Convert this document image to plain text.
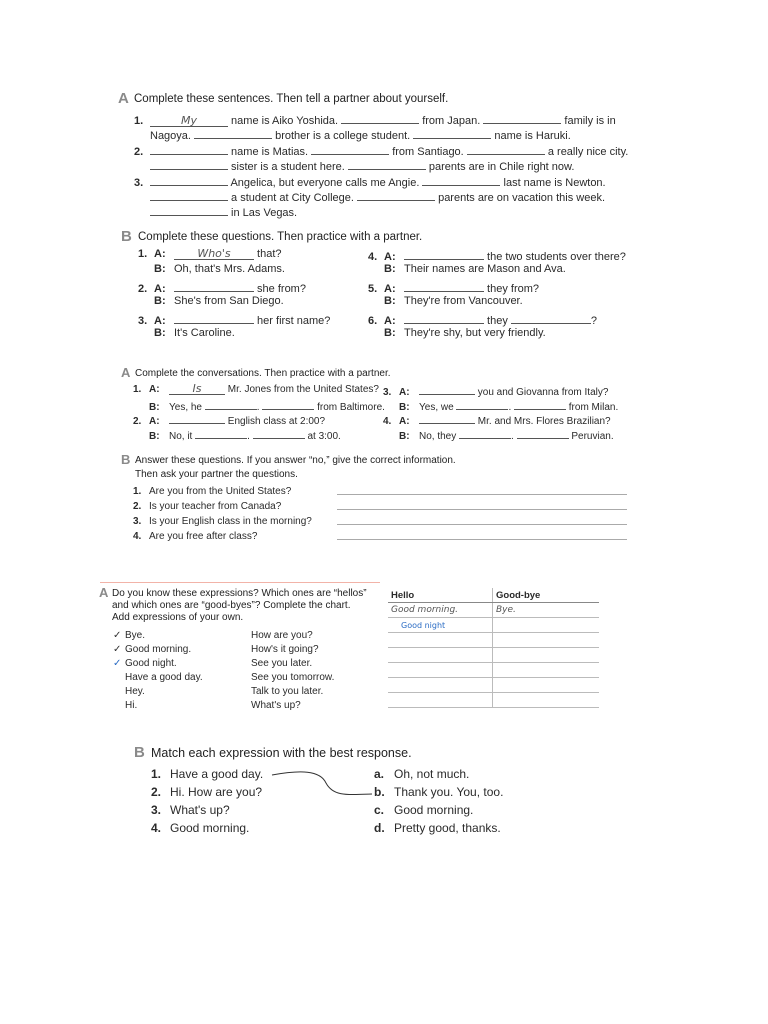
A Complete these sentences. Then tell a partner about yourself.
B Complete these questions. Then practice with a partner.
A Complete the conversations. Then practice with a partner.
B Answer these questions. If you answer “no,” give the correct information.
Then ask your partner the questions.
A Do you know these expressions? Which ones are “hellos”
and which ones are “good-byes”? Complete the chart.
Add expressions of your own.
Hello	Good-bye
Good morning.	Bye.
Good night	

B Match each expression with the best response.
1.	My	name is Aiko Yoshida.	from Japan.	family is in
Nagoya.	brother is a college student.	name is Haruki.
2.	name is Matias.	from Santiago.	a really nice city.
sister is a student here.	parents are in Chile right now.
3.	Angelica, but everyone calls me Angie.	last name is Newton.
a student at City College.	parents are on vacation this week.
in Las Vegas.
1. A:	Who's that?
B: Oh, that's Mrs. Adams.
2. A:	she from?
B: She's from San Diego.
3. A:	her first name?
B: It's Caroline.
4. A:	the two students over there?
B: Their names are Mason and Ava.
5. A:	they from?
B: They're from Vancouver.
6. A:	they	?
B: They're shy, but very friendly.
1. A:	Is Mr. Jones from the United States?
B: Yes, he	.	from Baltimore.
2. A:	English class at 2:00?
B: No, it	.	at 3:00.
3. A:	you and Giovanna from Italy?
B: Yes, we	.	from Milan.
4. A:	Mr. and Mrs. Flores Brazilian?
B: No, they	.	Peruvian.
1. Are you from the United States?
2. Is your teacher from Canada?
3. Is your English class in the morning?
4. Are you free after class?
✓ Bye.
✓ Good morning.
✓ Good night.
Have a good day.
Hey.
Hi.
How are you?
How's it going?
See you later.
See you tomorrow.
Talk to you later.
What's up?
1. Have a good day.
2. Hi. How are you?
3. What's up?
4. Good morning.
a. Oh, not much.
b. Thank you. You, too.
c. Good morning.
d. Pretty good, thanks.
